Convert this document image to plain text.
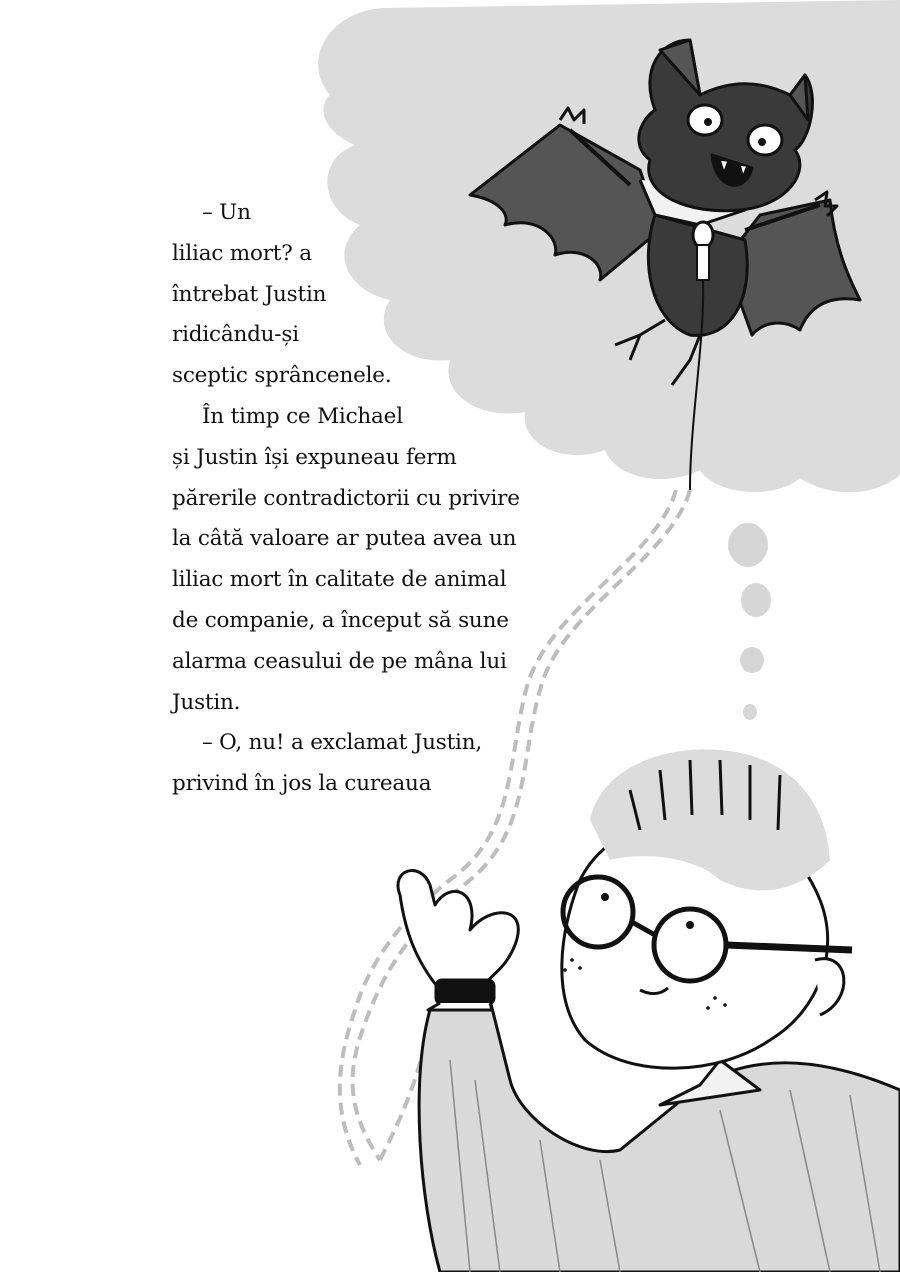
– Un
liliac mort? a
întrebat Justin
ridicându-și
sceptic sprâncenele.
În timp ce Michael
și Justin își expuneau ferm
părerile contradictorii cu privire
la câtă valoare ar putea avea un
liliac mort în calitate de animal
de companie, a început să sune
alarma ceasului de pe mâna lui
Justin.
– O, nu! a exclamat Justin,
privind în jos la cureaua
